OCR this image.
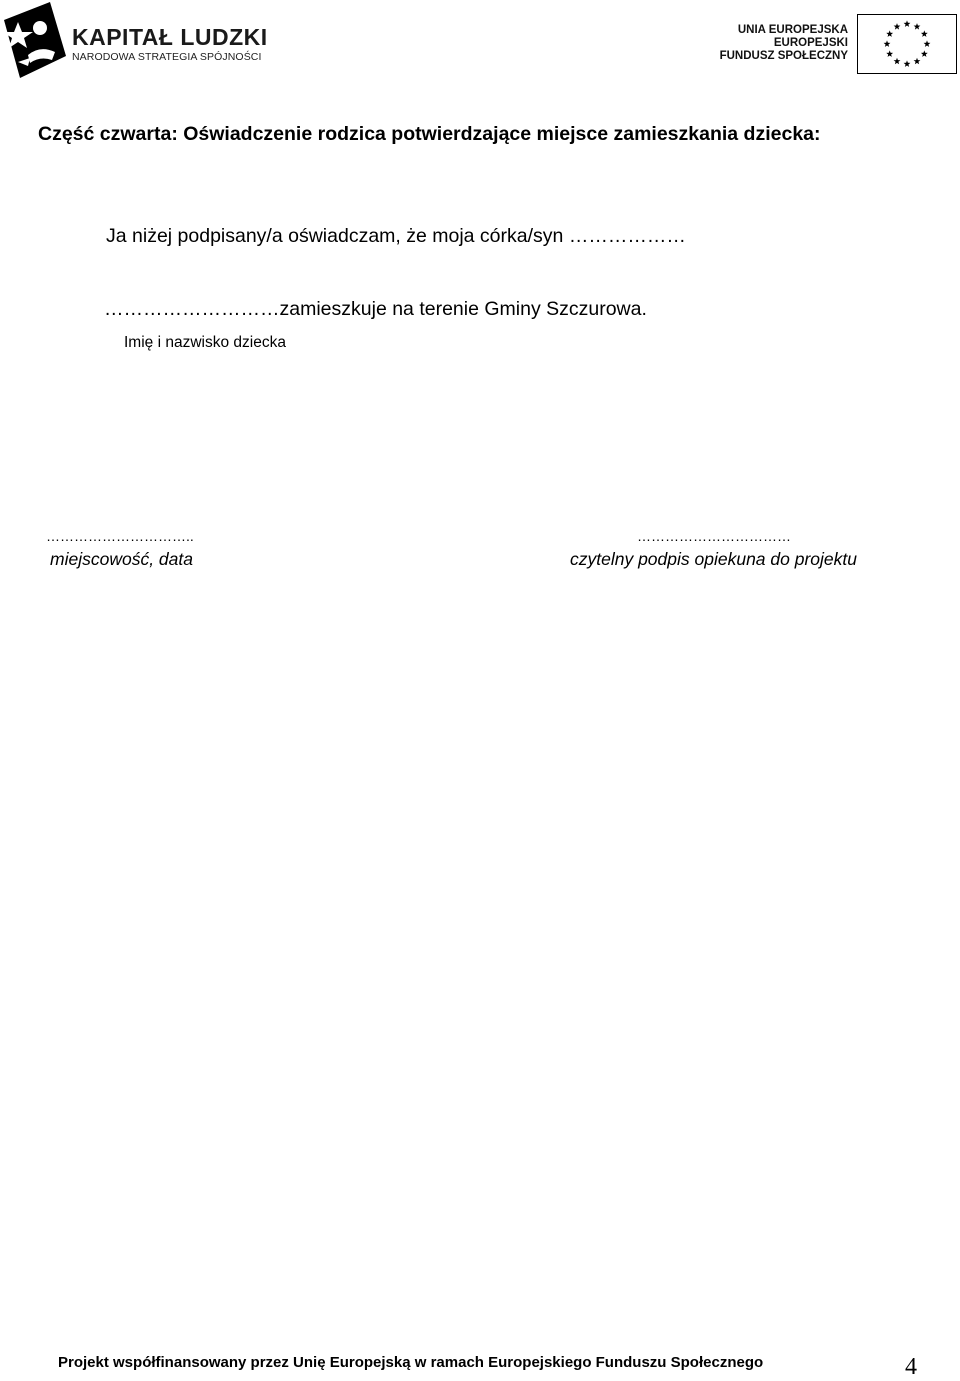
KAPITAŁ LUDZKI
NARODOWA STRATEGIA SPÓJNOŚCI
UNIA EUROPEJSKA
EUROPEJSKI
FUNDUSZ SPOŁECZNY
Część czwarta: Oświadczenie rodzica potwierdzające miejsce zamieszkania dziecka:
Ja niżej podpisany/a oświadczam, że moja córka/syn ………………
………………………zamieszkuje na terenie Gminy Szczurowa.
Imię i nazwisko dziecka
…………………………..
miejscowość, data
……………………………
czytelny podpis opiekuna do projektu
Projekt współfinansowany przez Unię Europejską w ramach Europejskiego Funduszu Społecznego	4
